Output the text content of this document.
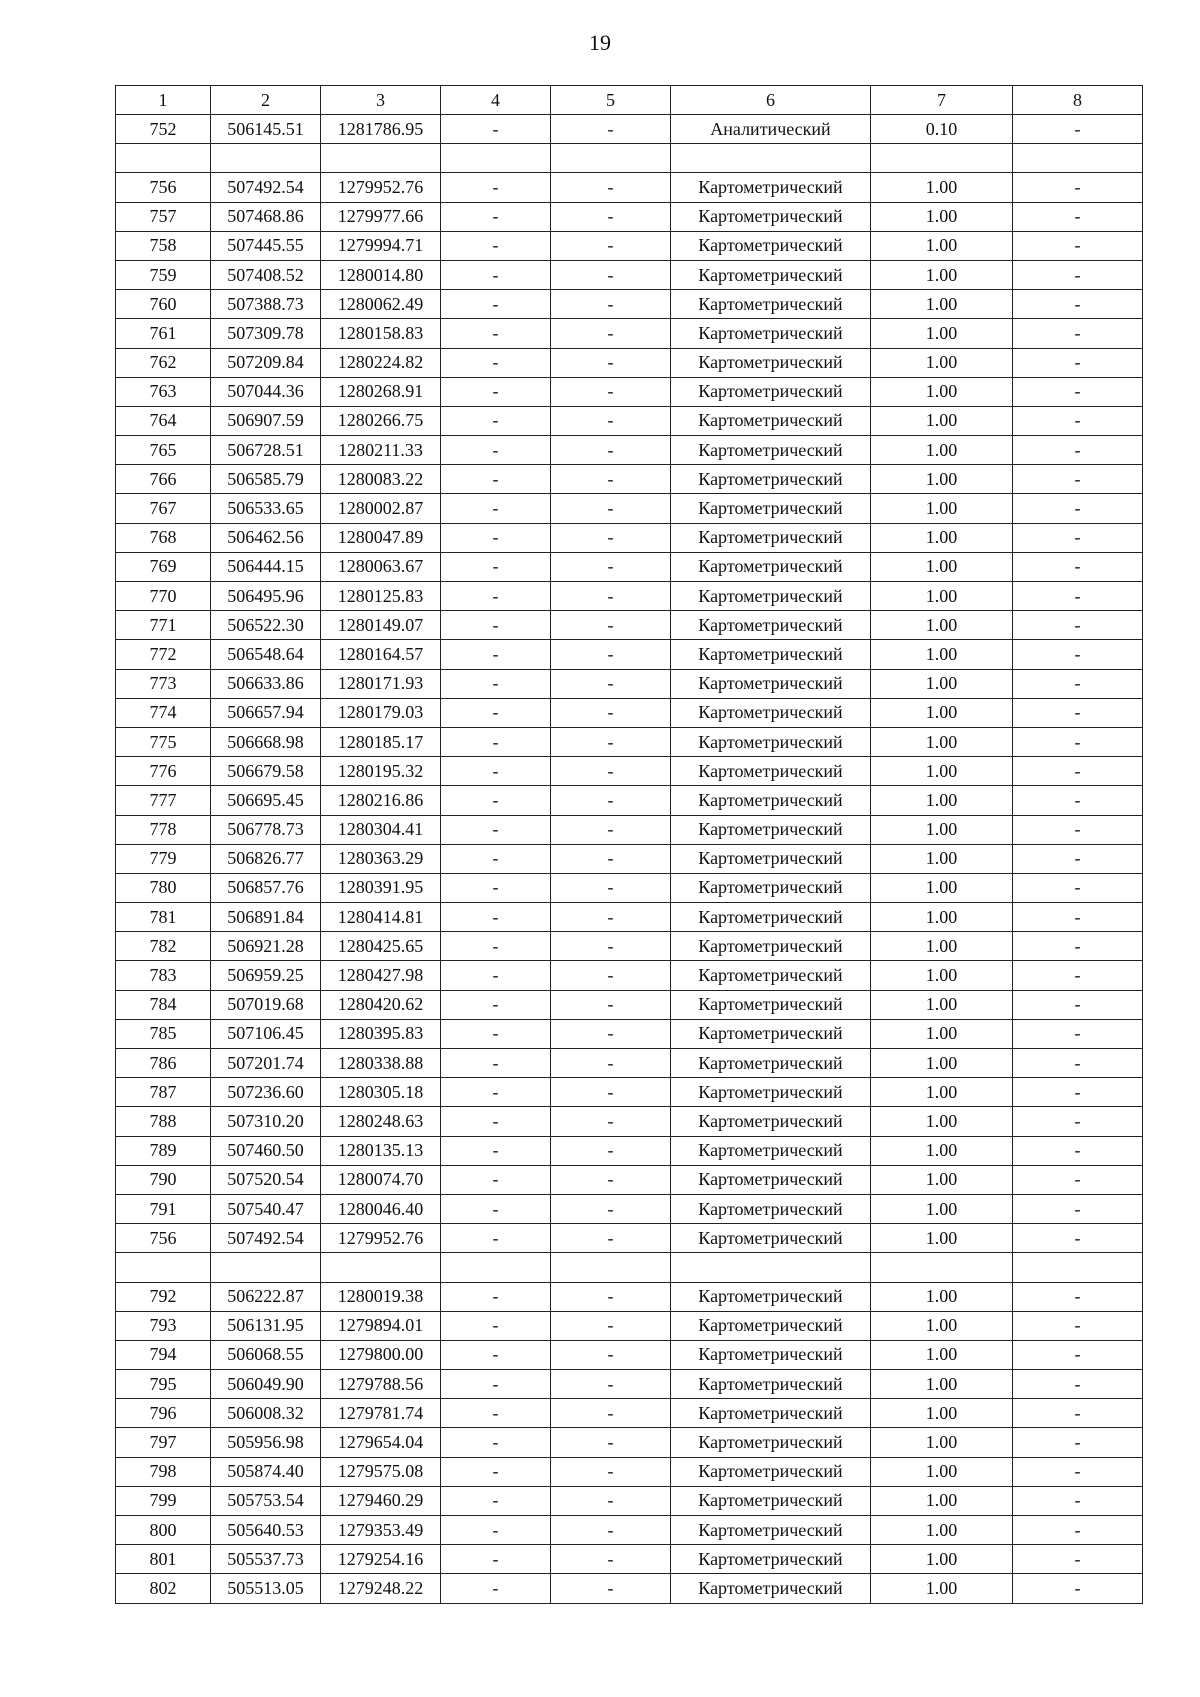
19
1	2	3	4	5	6	7	8
752	506145.51	1281786.95	-	-	Аналитический	0.10	-

756	507492.54	1279952.76	-	-	Картометрический	1.00	-
757	507468.86	1279977.66	-	-	Картометрический	1.00	-
758	507445.55	1279994.71	-	-	Картометрический	1.00	-
759	507408.52	1280014.80	-	-	Картометрический	1.00	-
760	507388.73	1280062.49	-	-	Картометрический	1.00	-
761	507309.78	1280158.83	-	-	Картометрический	1.00	-
762	507209.84	1280224.82	-	-	Картометрический	1.00	-
763	507044.36	1280268.91	-	-	Картометрический	1.00	-
764	506907.59	1280266.75	-	-	Картометрический	1.00	-
765	506728.51	1280211.33	-	-	Картометрический	1.00	-
766	506585.79	1280083.22	-	-	Картометрический	1.00	-
767	506533.65	1280002.87	-	-	Картометрический	1.00	-
768	506462.56	1280047.89	-	-	Картометрический	1.00	-
769	506444.15	1280063.67	-	-	Картометрический	1.00	-
770	506495.96	1280125.83	-	-	Картометрический	1.00	-
771	506522.30	1280149.07	-	-	Картометрический	1.00	-
772	506548.64	1280164.57	-	-	Картометрический	1.00	-
773	506633.86	1280171.93	-	-	Картометрический	1.00	-
774	506657.94	1280179.03	-	-	Картометрический	1.00	-
775	506668.98	1280185.17	-	-	Картометрический	1.00	-
776	506679.58	1280195.32	-	-	Картометрический	1.00	-
777	506695.45	1280216.86	-	-	Картометрический	1.00	-
778	506778.73	1280304.41	-	-	Картометрический	1.00	-
779	506826.77	1280363.29	-	-	Картометрический	1.00	-
780	506857.76	1280391.95	-	-	Картометрический	1.00	-
781	506891.84	1280414.81	-	-	Картометрический	1.00	-
782	506921.28	1280425.65	-	-	Картометрический	1.00	-
783	506959.25	1280427.98	-	-	Картометрический	1.00	-
784	507019.68	1280420.62	-	-	Картометрический	1.00	-
785	507106.45	1280395.83	-	-	Картометрический	1.00	-
786	507201.74	1280338.88	-	-	Картометрический	1.00	-
787	507236.60	1280305.18	-	-	Картометрический	1.00	-
788	507310.20	1280248.63	-	-	Картометрический	1.00	-
789	507460.50	1280135.13	-	-	Картометрический	1.00	-
790	507520.54	1280074.70	-	-	Картометрический	1.00	-
791	507540.47	1280046.40	-	-	Картометрический	1.00	-
756	507492.54	1279952.76	-	-	Картометрический	1.00	-

792	506222.87	1280019.38	-	-	Картометрический	1.00	-
793	506131.95	1279894.01	-	-	Картометрический	1.00	-
794	506068.55	1279800.00	-	-	Картометрический	1.00	-
795	506049.90	1279788.56	-	-	Картометрический	1.00	-
796	506008.32	1279781.74	-	-	Картометрический	1.00	-
797	505956.98	1279654.04	-	-	Картометрический	1.00	-
798	505874.40	1279575.08	-	-	Картометрический	1.00	-
799	505753.54	1279460.29	-	-	Картометрический	1.00	-
800	505640.53	1279353.49	-	-	Картометрический	1.00	-
801	505537.73	1279254.16	-	-	Картометрический	1.00	-
802	505513.05	1279248.22	-	-	Картометрический	1.00	-
